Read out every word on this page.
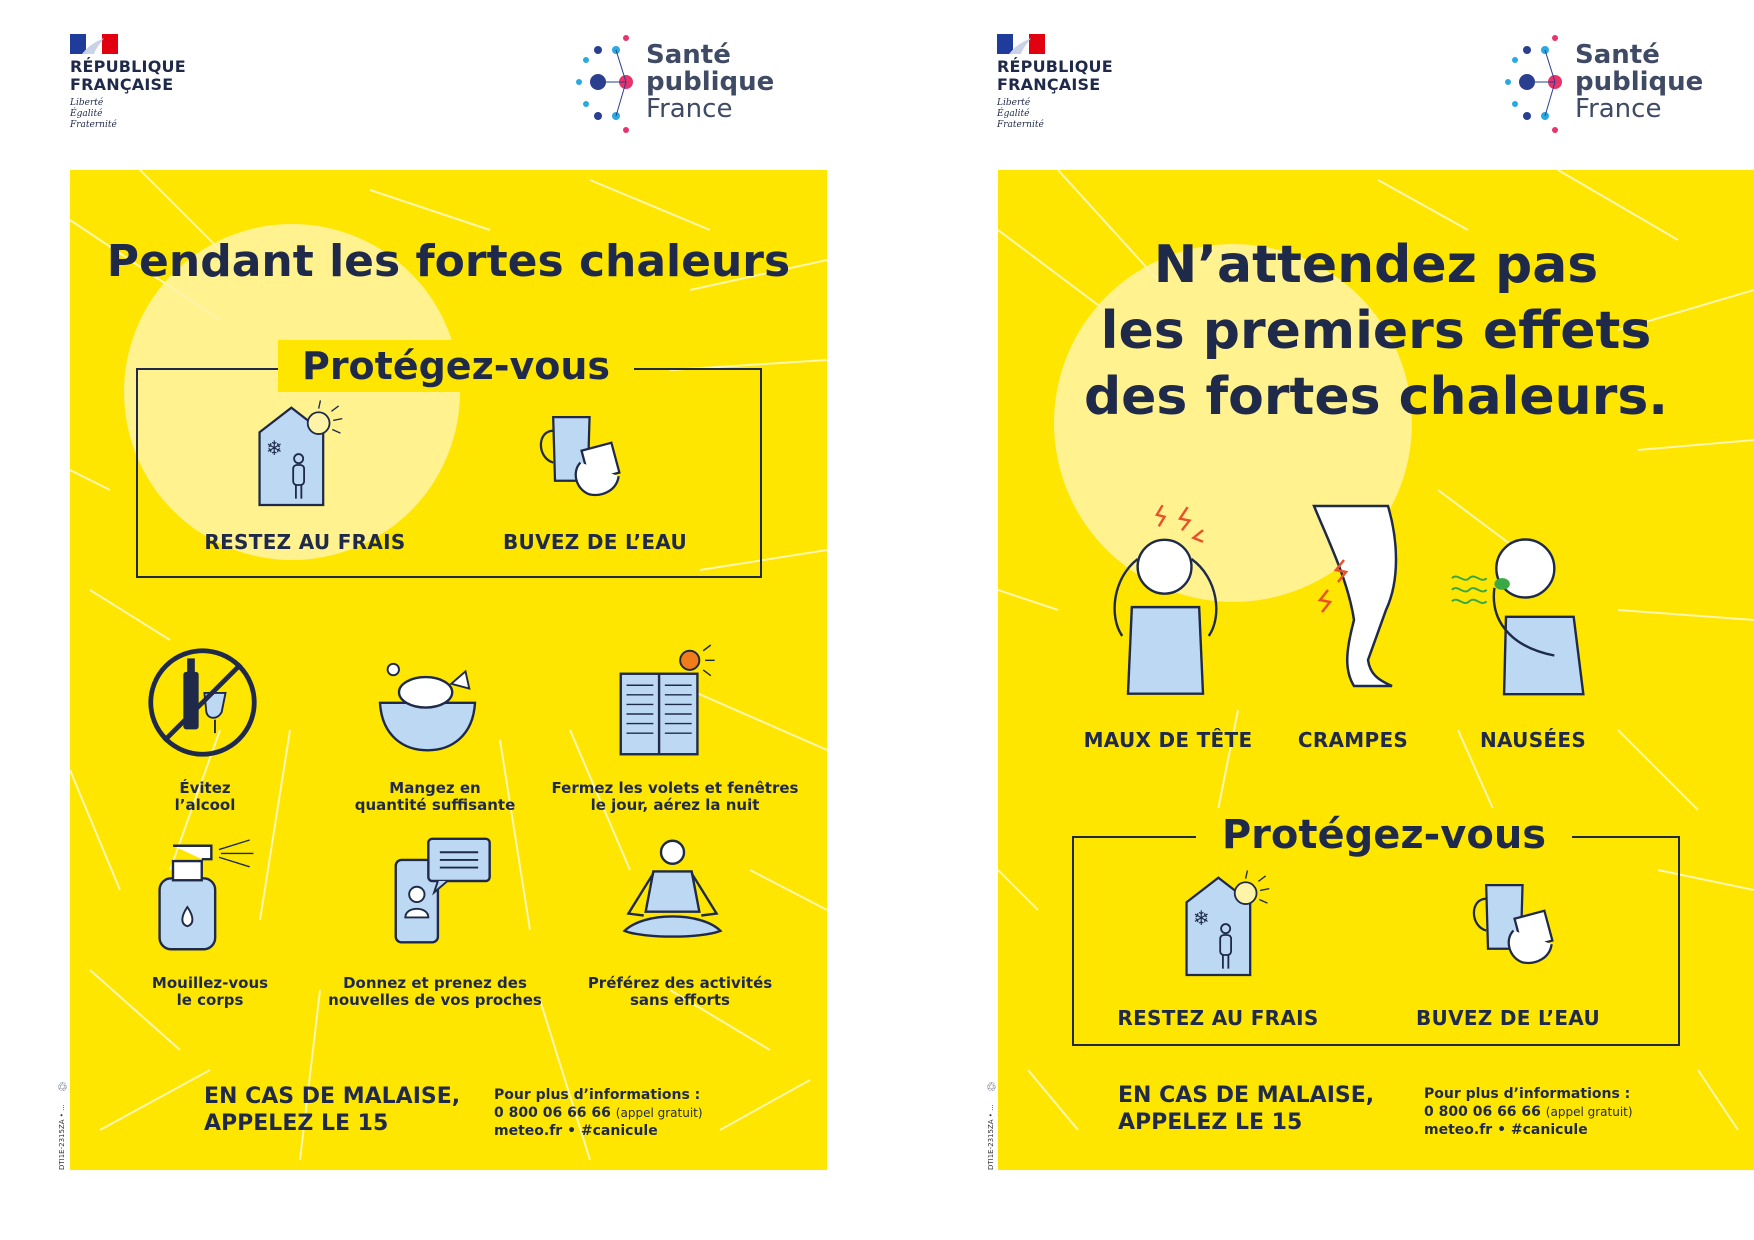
RÉPUBLIQUE
FRANÇAISE
Liberté
Égalité
Fraternité
Santé
publique
France
Pendant les fortes chaleurs
Protégez-vous
❄
RESTEZ AU FRAIS	BUVEZ DE L’EAU
Évitez
l’alcool
Mangez en
quantité suffisante
Fermez les volets et fenêtres
le jour, aérez la nuit
Mouillez-vous
le corps
Donnez et prenez des
nouvelles de vos proches
Préférez des activités
sans efforts
EN CAS DE MALAISE,
APPELEZ LE 15
Pour plus d’informations :
0 800 06 66 66 (appel gratuit)
meteo.fr • #canicule
DTI1E-2315ZA • ...
♲
RÉPUBLIQUE
FRANÇAISE
Liberté
Égalité
Fraternité
Santé
publique
France
N’attendez pas
les premiers effets
des fortes chaleurs.
MAUX DE TÊTE	CRAMPES	NAUSÉES
Protégez-vous
❄
RESTEZ AU FRAIS	BUVEZ DE L’EAU
EN CAS DE MALAISE,
APPELEZ LE 15
Pour plus d’informations :
0 800 06 66 66 (appel gratuit)
meteo.fr • #canicule
DTI1E-2315ZA • ...
♲
